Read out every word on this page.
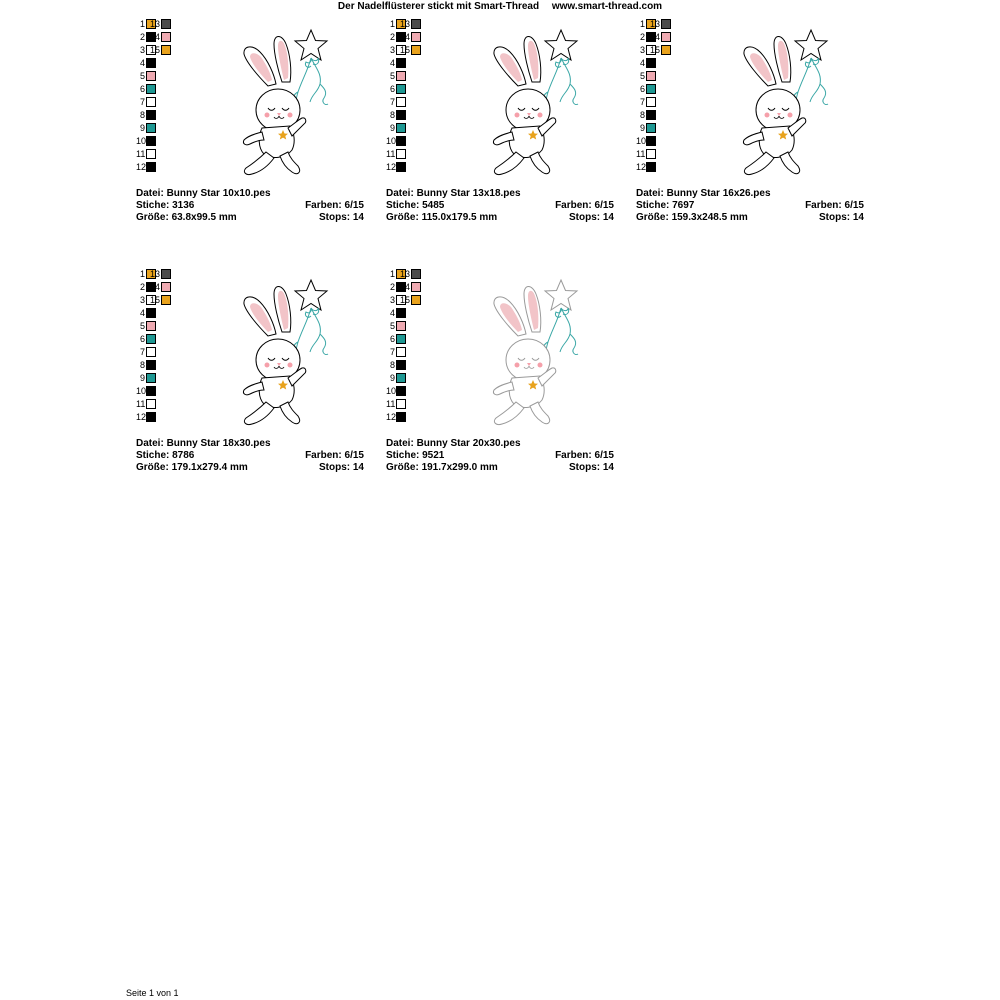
Der Nadelflüsterer stickt mit Smart-Thread www.smart-thread.com
1 13
2 14
3 15
4
5
6
7
8
9
10
11
12
Datei: Bunny Star 10x10.pes
Stiche: 3136	Farben: 6/15
Größe: 63.8x99.5 mm	Stops: 14
1 13
2 14
3 15
4
5
6
7
8
9
10
11
12
Datei: Bunny Star 13x18.pes
Stiche: 5485	Farben: 6/15
Größe: 115.0x179.5 mm	Stops: 14
1 13
2 14
3 15
4
5
6
7
8
9
10
11
12
Datei: Bunny Star 16x26.pes
Stiche: 7697	Farben: 6/15
Größe: 159.3x248.5 mm	Stops: 14
1 13
2 14
3 15
4
5
6
7
8
9
10
11
12
Datei: Bunny Star 18x30.pes
Stiche: 8786	Farben: 6/15
Größe: 179.1x279.4 mm	Stops: 14
1 13
2 14
3 15
4
5
6
7
8
9
10
11
12
Datei: Bunny Star 20x30.pes
Stiche: 9521	Farben: 6/15
Größe: 191.7x299.0 mm	Stops: 14
Seite 1 von 1
